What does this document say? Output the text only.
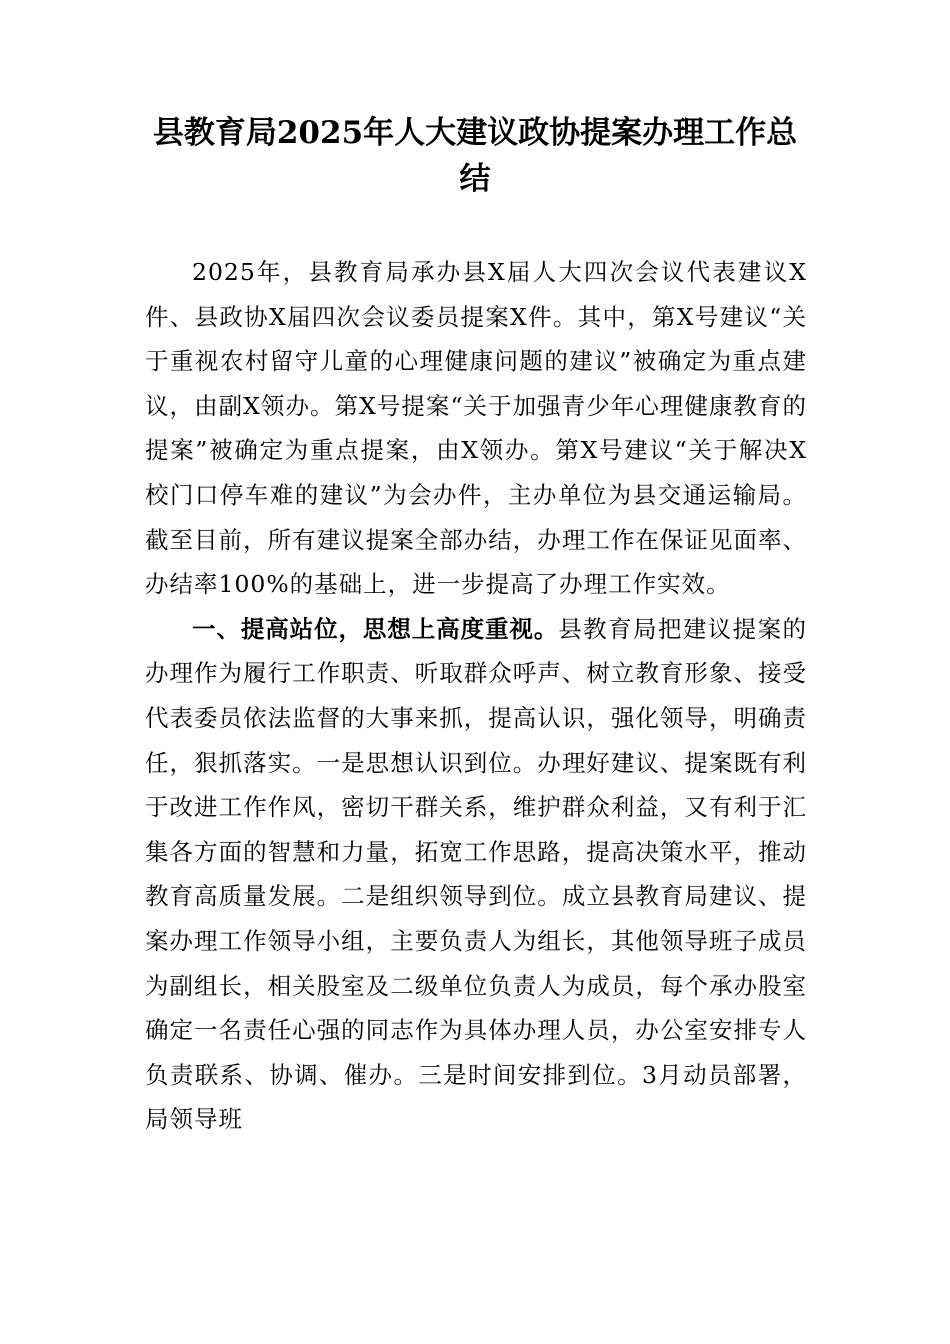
县教育局2025年人大建议政协提案办理工作总结

2025年，县教育局承办县X届人大四次会议代表建议X件、县政协X届四次会议委员提案X件。其中，第X号建议“关于重视农村留守儿童的心理健康问题的建议”被确定为重点建议，由副X领办。第X号提案“关于加强青少年心理健康教育的提案”被确定为重点提案，由X领办。第X号建议“关于解决X校门口停车难的建议”为会办件，主办单位为县交通运输局。截至目前，所有建议提案全部办结，办理工作在保证见面率、办结率100%的基础上，进一步提高了办理工作实效。

一、提高站位，思想上高度重视。县教育局把建议提案的办理作为履行工作职责、听取群众呼声、树立教育形象、接受代表委员依法监督的大事来抓，提高认识，强化领导，明确责任，狠抓落实。一是思想认识到位。办理好建议、提案既有利于改进工作作风，密切干群关系，维护群众利益，又有利于汇集各方面的智慧和力量，拓宽工作思路，提高决策水平，推动教育高质量发展。二是组织领导到位。成立县教育局建议、提案办理工作领导小组，主要负责人为组长，其他领导班子成员为副组长，相关股室及二级单位负责人为成员，每个承办股室确定一名责任心强的同志作为具体办理人员，办公室安排专人负责联系、协调、催办。三是时间安排到位。3月动员部署，局领导班
